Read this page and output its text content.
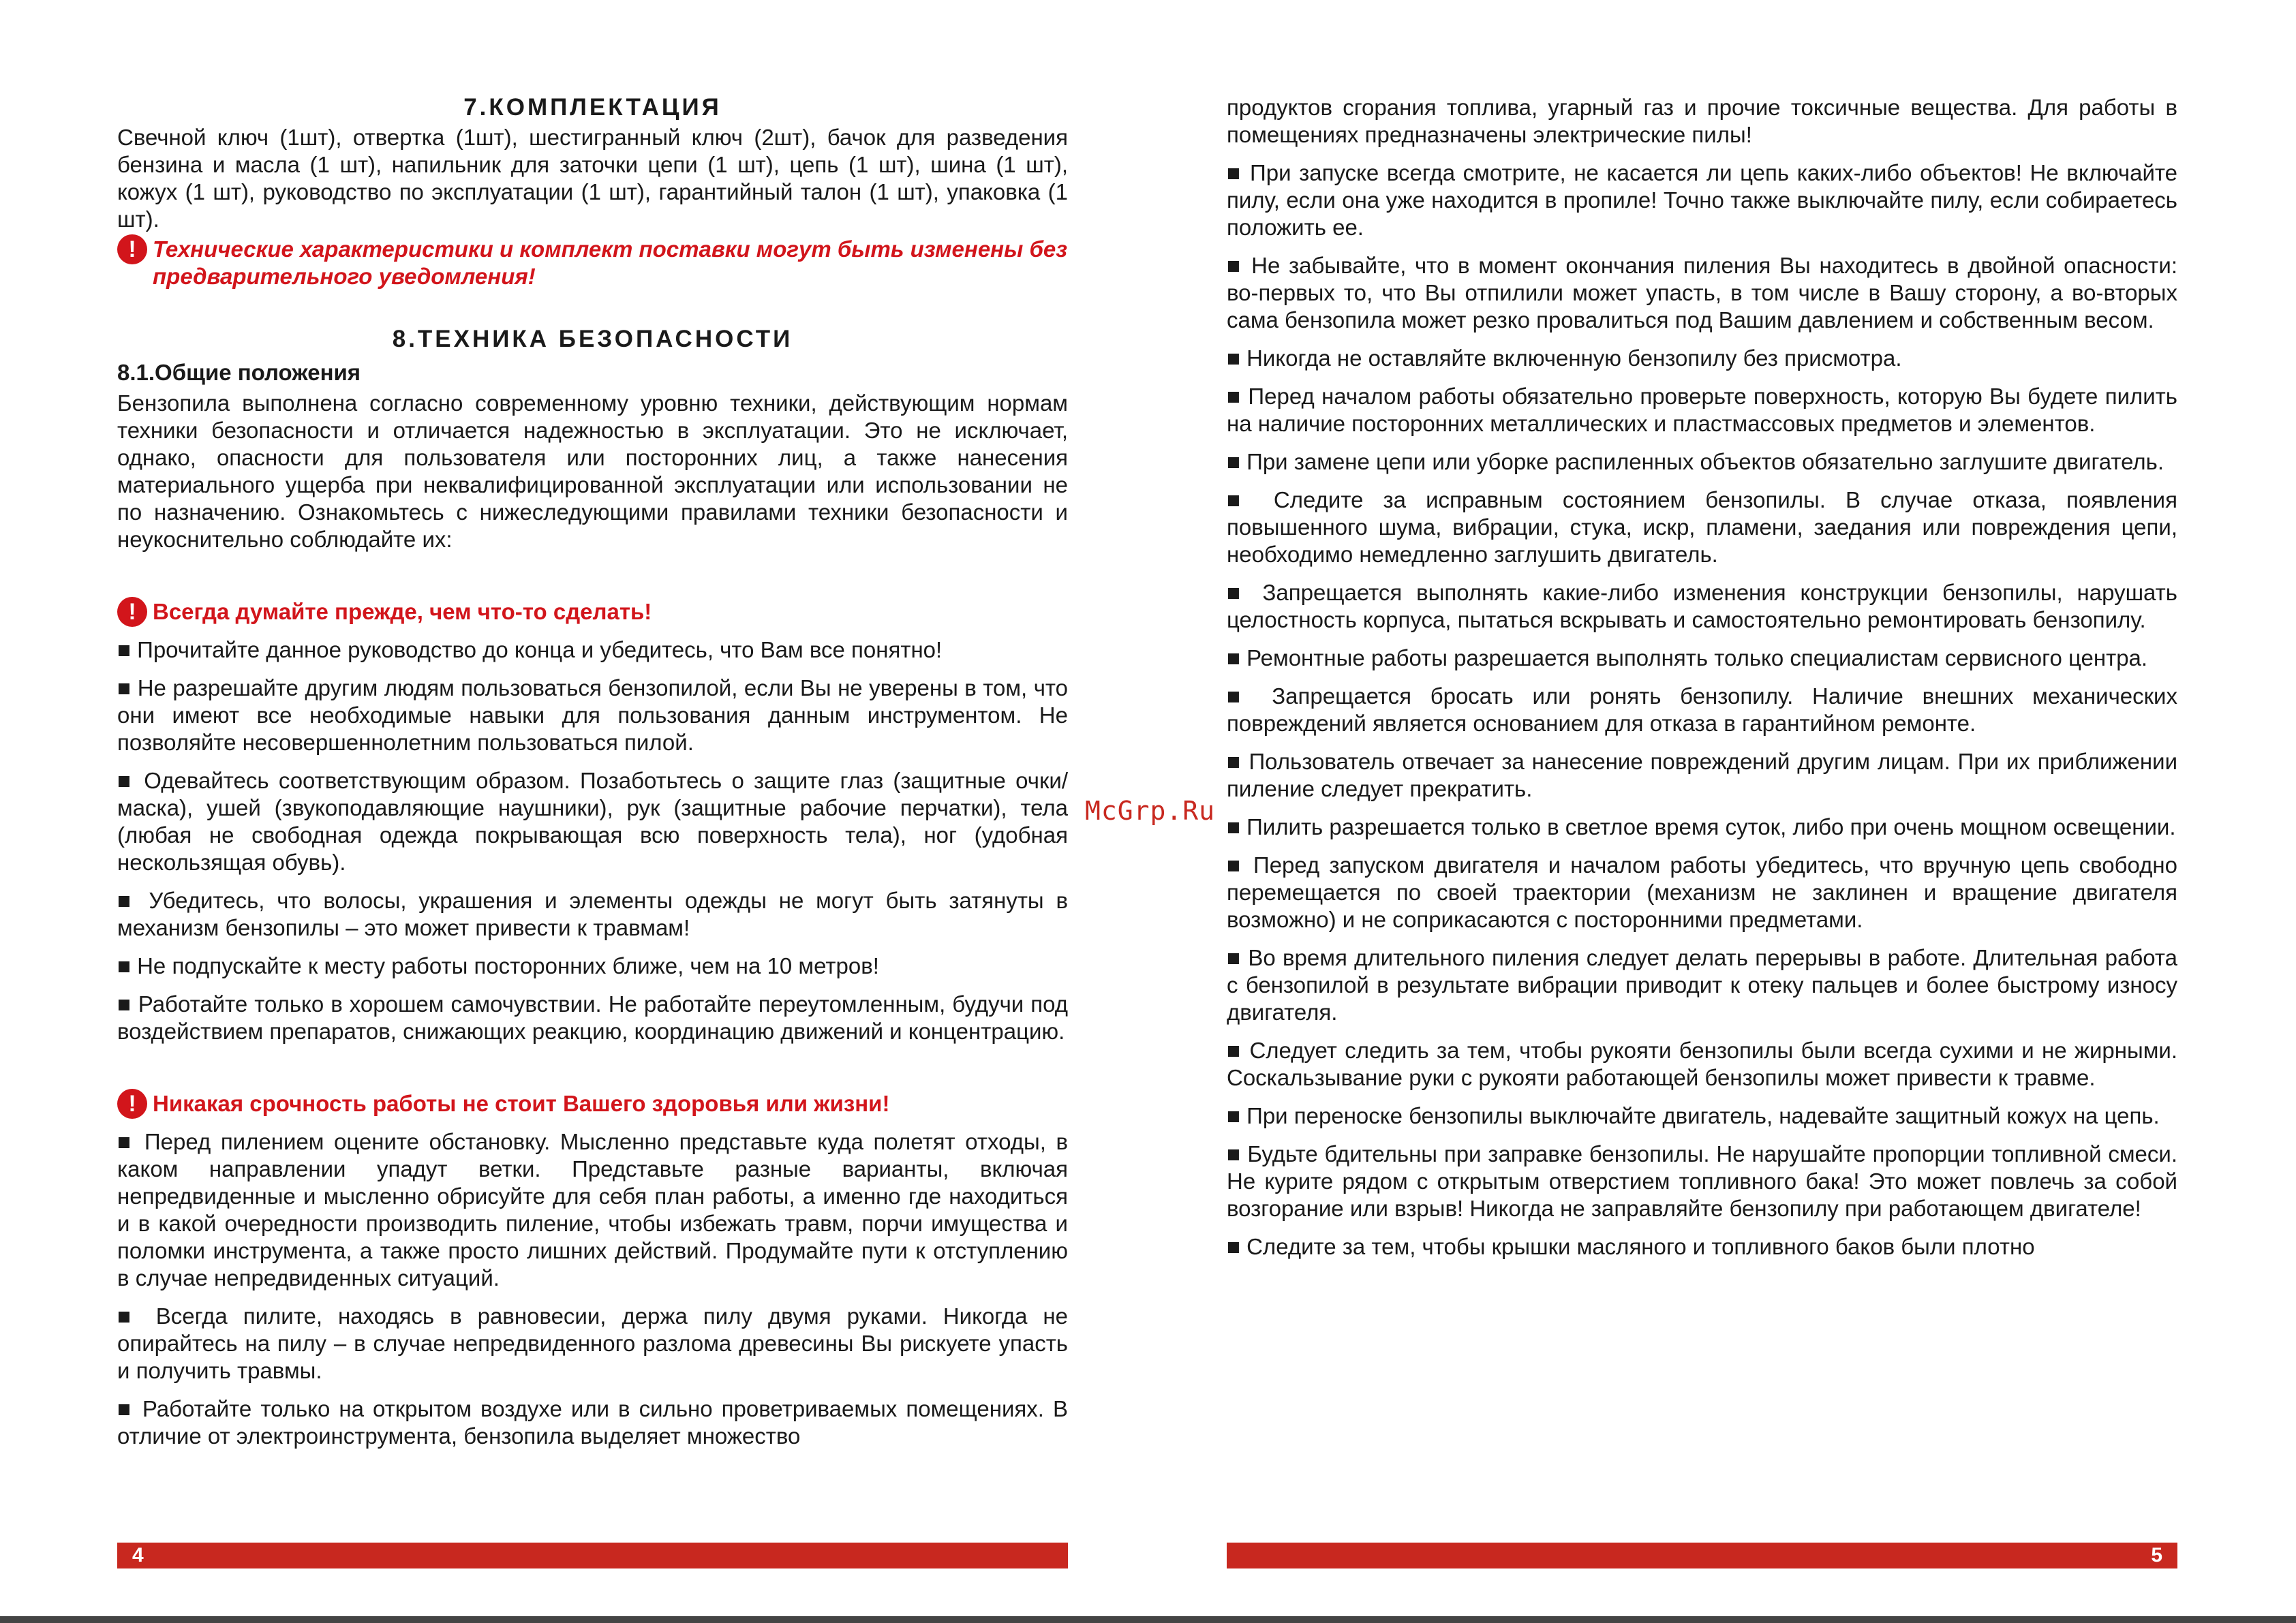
7.КОМПЛЕКТАЦИЯ

Свечной ключ (1шт), отвертка (1шт), шестигранный ключ (2шт), бачок для разведения бензина и масла (1 шт), напильник для заточки цепи (1 шт), цепь (1 шт), шина (1 шт), кожух (1 шт), руководство по эксплуатации (1 шт), гарантийный талон (1 шт), упаковка (1 шт).

! Технические характеристики и комплект поставки могут быть изменены без предварительного уведомления!
8.ТЕХНИКА БЕЗОПАСНОСТИ
8.1.Общие положения

Бензопила выполнена согласно современному уровню техники, действующим нормам техники безопасности и отличается надежностью в эксплуатации. Это не исключает, однако, опасности для пользователя или посторонних лиц, а также нанесения материального ущерба при неквалифицированной эксплуатации или использовании не по назначению. Ознакомьтесь с нижеследующими правилами техники безопасности и неукоснительно соблюдайте их:

! Всегда думайте прежде, чем что-то сделать!

■ Прочитайте данное руководство до конца и убедитесь, что Вам все понятно!

■ Не разрешайте другим людям пользоваться бензопилой, если Вы не уверены в том, что они имеют все необходимые навыки для пользования данным инструментом. Не позволяйте несовершеннолетним пользоваться пилой.

■ Одевайтесь соответствующим образом. Позаботьтесь о защите глаз (защитные очки/маска), ушей (звукоподавляющие наушники), рук (защитные рабочие перчатки), тела (любая не свободная одежда покрывающая всю поверхность тела), ног (удобная нескользящая обувь).

■ Убедитесь, что волосы, украшения и элементы одежды не могут быть затянуты в механизм бензопилы – это может привести к травмам!

■ Не подпускайте к месту работы посторонних ближе, чем на 10 метров!

■ Работайте только в хорошем самочувствии. Не работайте переутомленным, будучи под воздействием препаратов, снижающих реакцию, координацию движений и концентрацию.

! Никакая срочность работы не стоит Вашего здоровья или жизни!

■ Перед пилением оцените обстановку. Мысленно представьте куда полетят отходы, в каком направлении упадут ветки. Представьте разные варианты, включая непредвиденные и мысленно обрисуйте для себя план работы, а именно где находиться и в какой очередности производить пиление, чтобы избежать травм, порчи имущества и поломки инструмента, а также просто лишних действий. Продумайте пути к отступлению в случае непредвиденных ситуаций.

■ Всегда пилите, находясь в равновесии, держа пилу двумя руками. Никогда не опирайтесь на пилу – в случае непредвиденного разлома древесины Вы рискуете упасть и получить травмы.

■ Работайте только на открытом воздухе или в сильно проветриваемых помещениях. В отличие от электроинструмента, бензопила выделяет множество

McGrp.Ru

продуктов сгорания топлива, угарный газ и прочие токсичные вещества. Для работы в помещениях предназначены электрические пилы!

■ При запуске всегда смотрите, не касается ли цепь каких-либо объектов! Не включайте пилу, если она уже находится в пропиле! Точно также выключайте пилу, если собираетесь положить ее.

■ Не забывайте, что в момент окончания пиления Вы находитесь в двойной опасности: во-первых то, что Вы отпилили может упасть, в том числе в Вашу сторону, а во-вторых сама бензопила может резко провалиться под Вашим давлением и собственным весом.

■ Никогда не оставляйте включенную бензопилу без присмотра.

■ Перед началом работы обязательно проверьте поверхность, которую Вы будете пилить на наличие посторонних металлических и пластмассовых предметов и элементов.

■ При замене цепи или уборке распиленных объектов обязательно заглушите двигатель.

■ Следите за исправным состоянием бензопилы. В случае отказа, появления повышенного шума, вибрации, стука, искр, пламени, заедания или повреждения цепи, необходимо немедленно заглушить двигатель.

■ Запрещается выполнять какие-либо изменения конструкции бензопилы, нарушать целостность корпуса, пытаться вскрывать и самостоятельно ремонтировать бензопилу.

■ Ремонтные работы разрешается выполнять только специалистам сервисного центра.

■ Запрещается бросать или ронять бензопилу. Наличие внешних механических повреждений является основанием для отказа в гарантийном ремонте.

■ Пользователь отвечает за нанесение повреждений другим лицам. При их приближении пиление следует прекратить.

■ Пилить разрешается только в светлое время суток, либо при очень мощном освещении.

■ Перед запуском двигателя и началом работы убедитесь, что вручную цепь свободно перемещается по своей траектории (механизм не заклинен и вращение двигателя возможно) и не соприкасаются с посторонними предметами.

■ Во время длительного пиления следует делать перерывы в работе. Длительная работа с бензопилой в результате вибрации приводит к отеку пальцев и более быстрому износу двигателя.

■ Следует следить за тем, чтобы рукояти бензопилы были всегда сухими и не жирными. Соскальзывание руки с рукояти работающей бензопилы может привести к травме.

■ При переноске бензопилы выключайте двигатель, надевайте защитный кожух на цепь.

■ Будьте бдительны при заправке бензопилы. Не нарушайте пропорции топливной смеси. Не курите рядом с открытым отверстием топливного бака! Это может повлечь за собой возгорание или взрыв! Никогда не заправляйте бензопилу при работающем двигателе!

■ Следите за тем, чтобы крышки масляного и топливного баков были плотно

4	5
